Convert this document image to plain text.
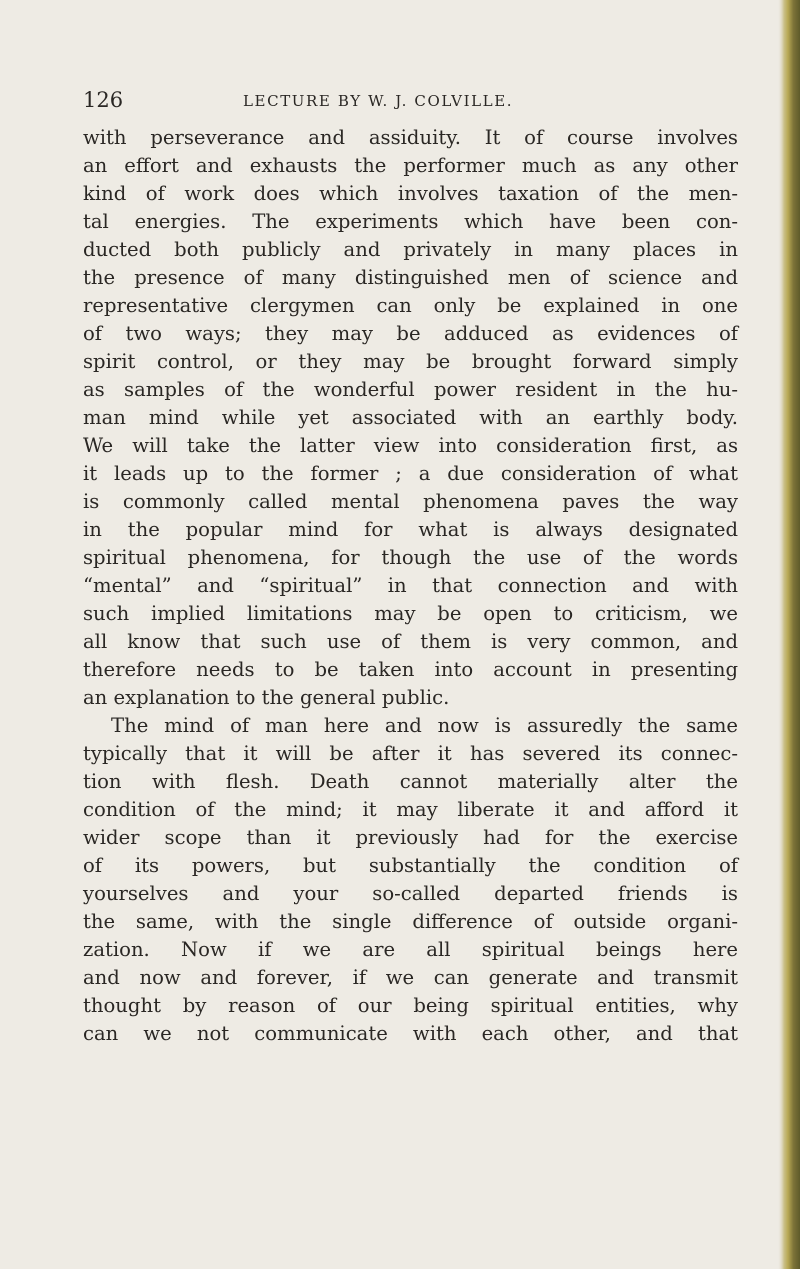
126	LECTURE BY W. J. COLVILLE.
with perseverance and assiduity. It of course involves
an effort and exhausts the performer much as any other
kind of work does which involves taxation of the men-
tal energies. The experiments which have been con-
ducted both publicly and privately in many places in
the presence of many distinguished men of science and
representative clergymen can only be explained in one
of two ways; they may be adduced as evidences of
spirit control, or they may be brought forward simply
as samples of the wonderful power resident in the hu-
man mind while yet associated with an earthly body.
We will take the latter view into consideration first, as
it leads up to the former ; a due consideration of what
is commonly called mental phenomena paves the way
in the popular mind for what is always designated
spiritual phenomena, for though the use of the words
“mental” and “spiritual” in that connection and with
such implied limitations may be open to criticism, we
all know that such use of them is very common, and
therefore needs to be taken into account in presenting
an explanation to the general public.
The mind of man here and now is assuredly the same
typically that it will be after it has severed its connec-
tion with flesh. Death cannot materially alter the
condition of the mind; it may liberate it and afford it
wider scope than it previously had for the exercise
of its powers, but substantially the condition of
yourselves and your so-called departed friends is
the same, with the single difference of outside organi-
zation. Now if we are all spiritual beings here
and now and forever, if we can generate and transmit
thought by reason of our being spiritual entities, why
can we not communicate with each other, and that
